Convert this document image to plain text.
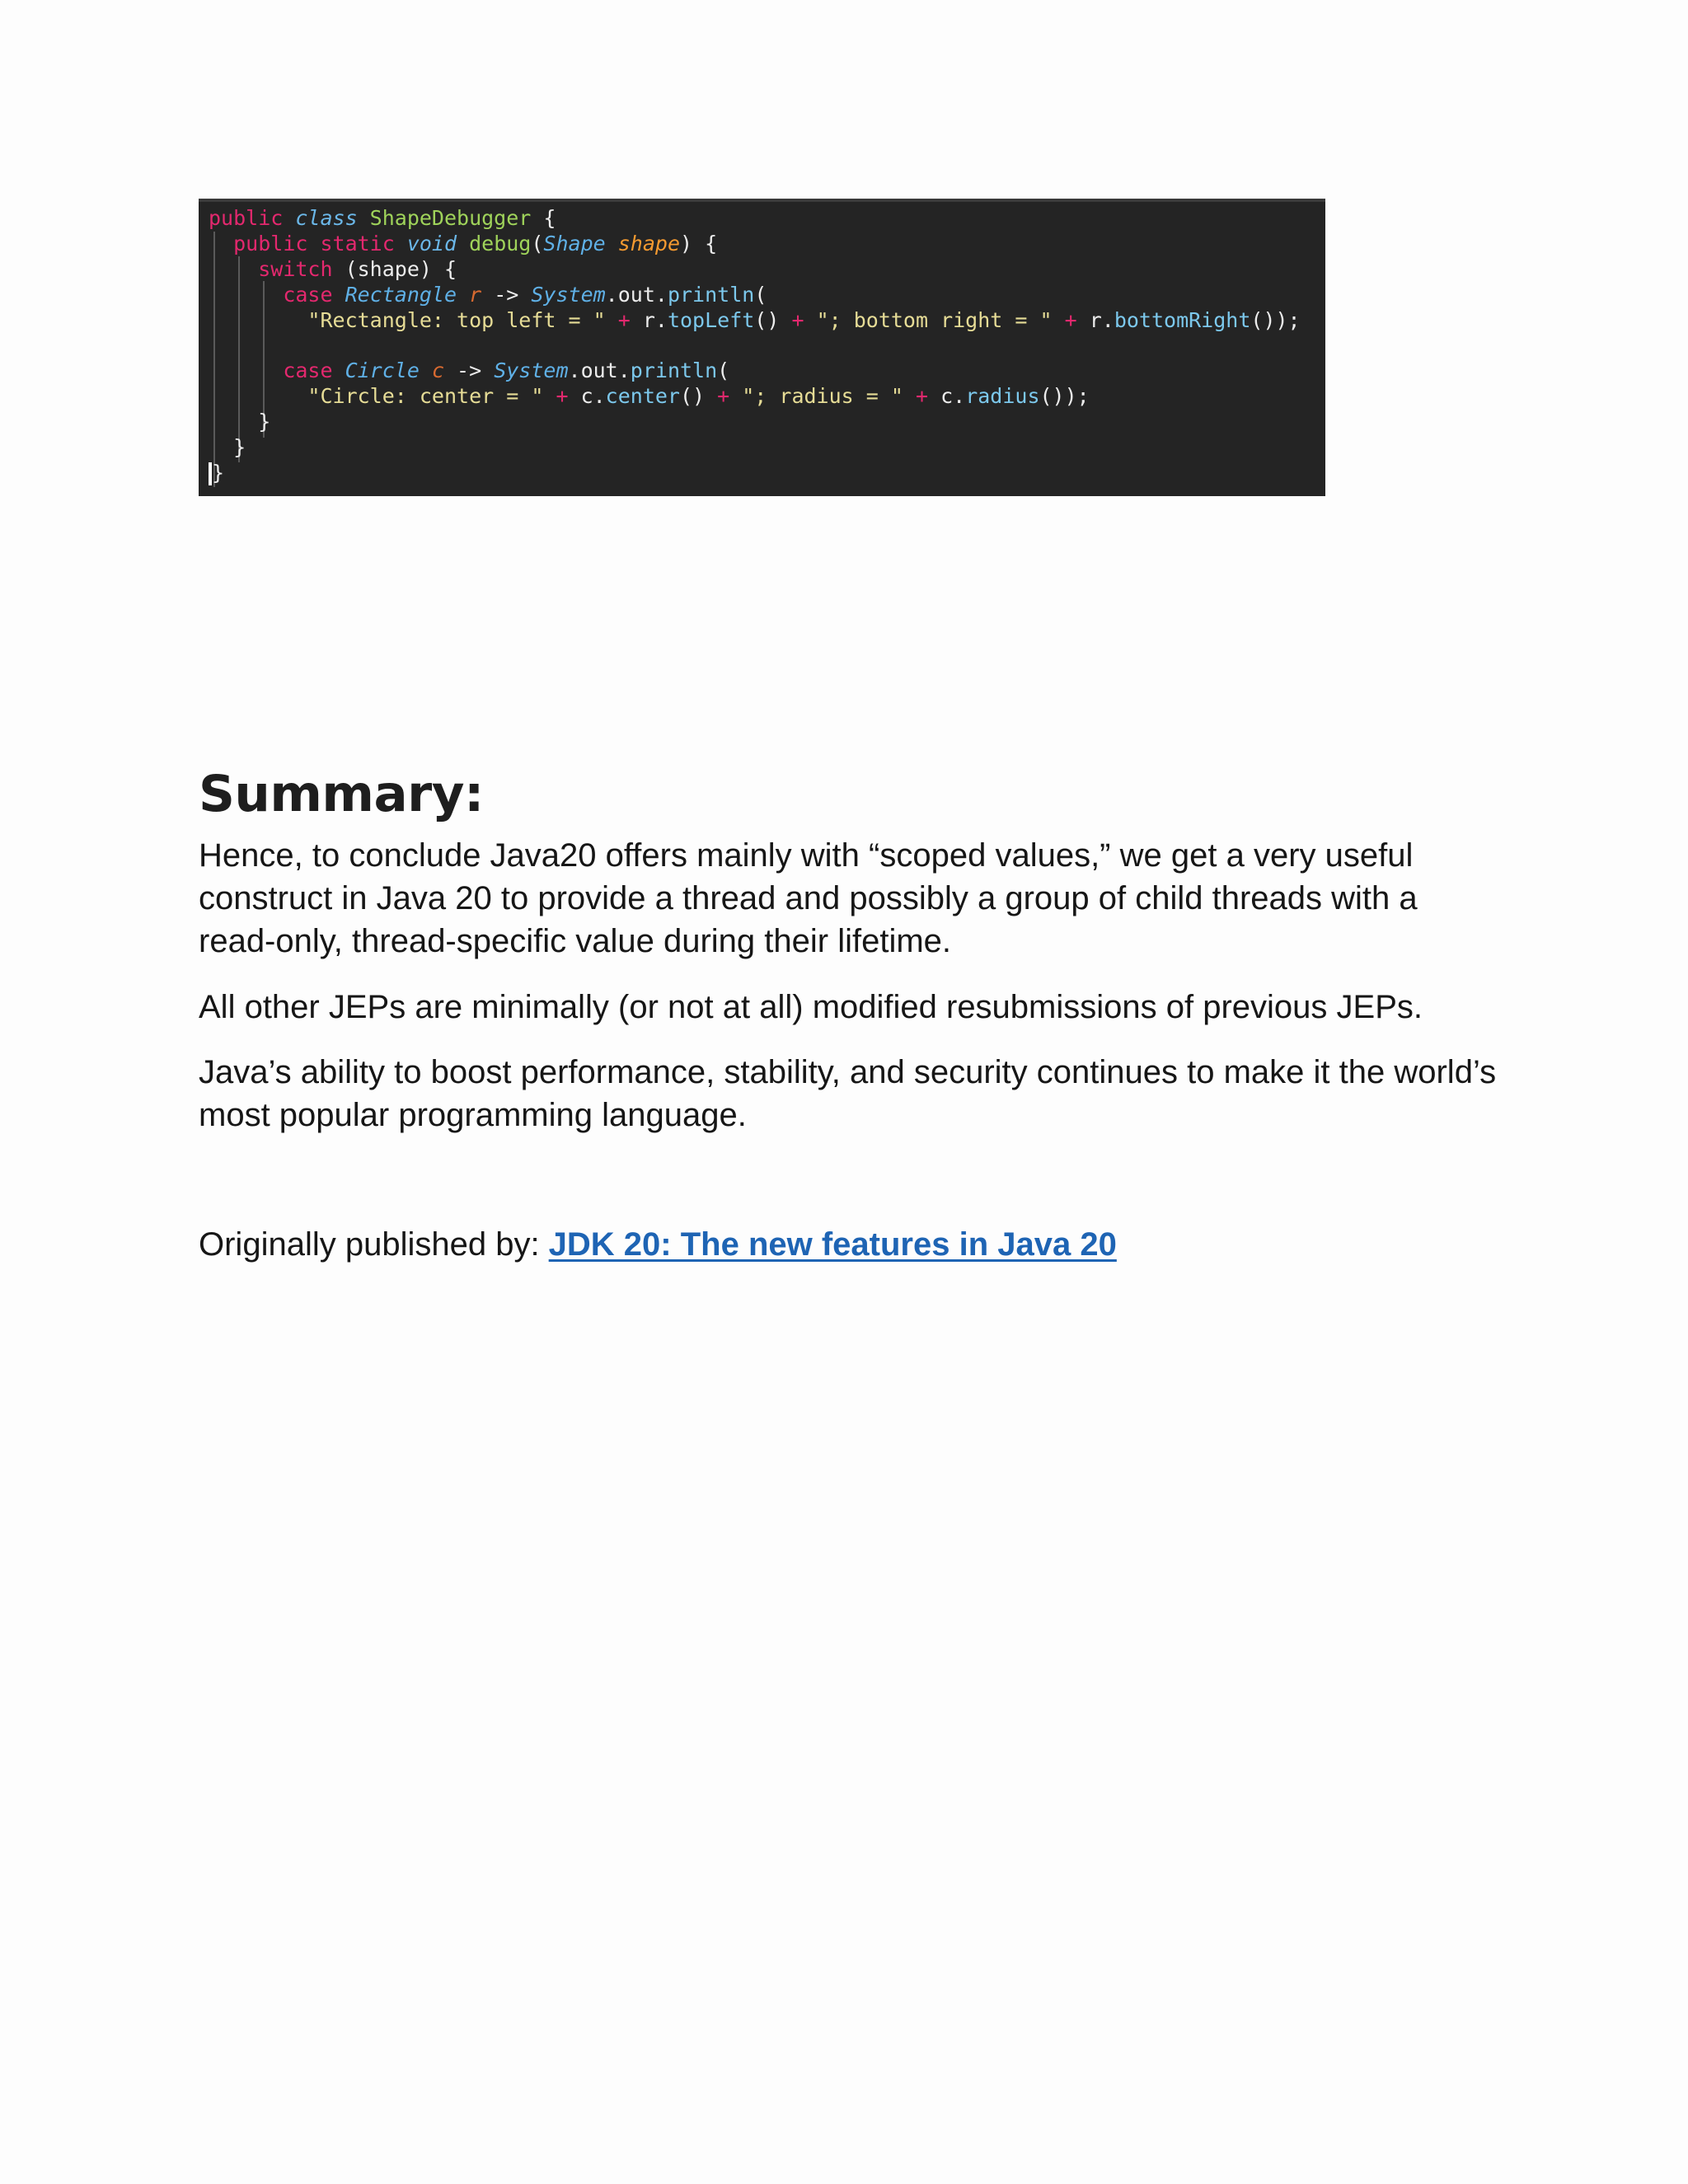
public class ShapeDebugger {
public static void debug(Shape shape) {
switch (shape) {
case Rectangle r -> System.out.println(
"Rectangle: top left = " + r.topLeft() + "; bottom right = " + r.bottomRight());
case Circle c -> System.out.println(
"Circle: center = " + c.center() + "; radius = " + c.radius());
}
}
}
Summary:

Hence, to conclude Java20 offers mainly with “scoped values,” we get a very useful construct in Java 20 to provide a thread and possibly a group of child threads with a read-only, thread-specific value during their lifetime.

All other JEPs are minimally (or not at all) modified resubmissions of previous JEPs.

Java’s ability to boost performance, stability, and security continues to make it the world’s most popular programming language.

Originally published by: JDK 20: The new features in Java 20
